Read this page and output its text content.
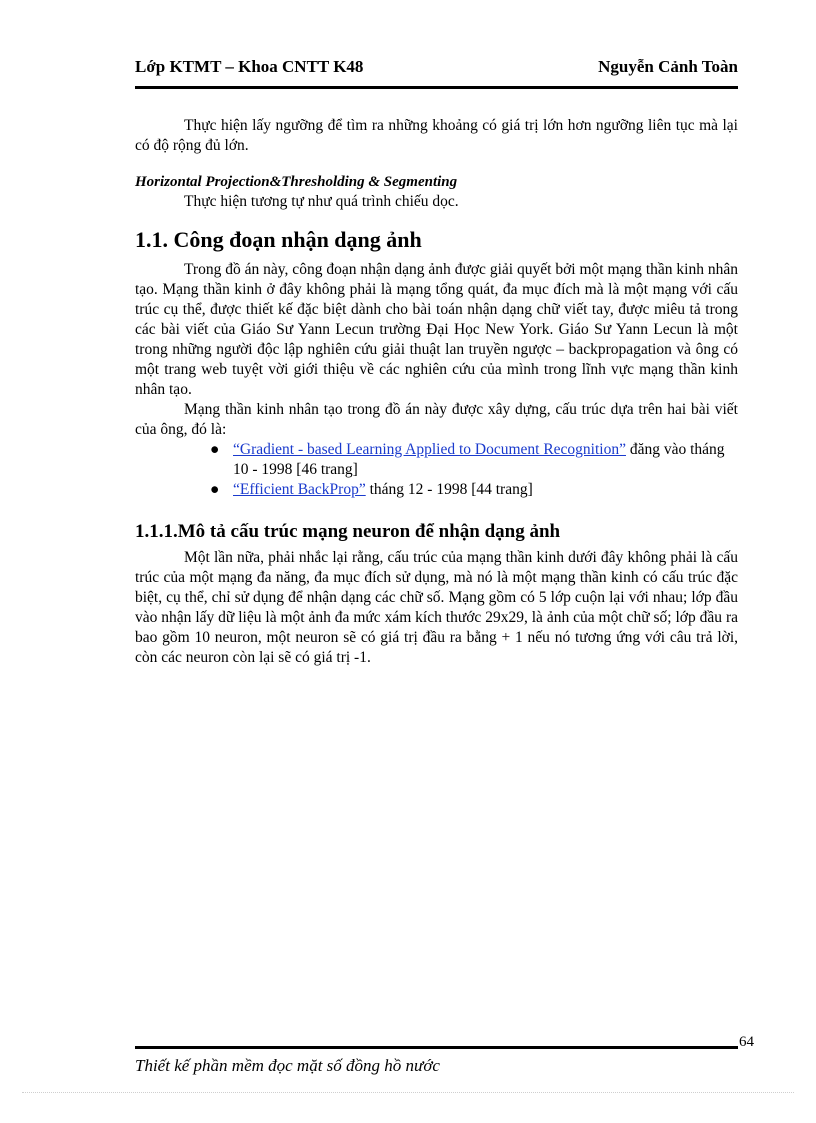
Lớp KTMT – Khoa CNTT K48	Nguyễn Cảnh Toàn

Thực hiện lấy ngưỡng để tìm ra những khoảng có giá trị lớn hơn ngưỡng liên tục mà lại có độ rộng đủ lớn.

Horizontal Projection&Thresholding & Segmenting

Thực hiện tương tự như quá trình chiếu dọc.

1.1. Công đoạn nhận dạng ảnh

Trong đồ án này, công đoạn nhận dạng ảnh được giải quyết bởi một mạng thần kinh nhân tạo. Mạng thần kinh ở đây không phải là mạng tổng quát, đa mục đích mà là một mạng với cấu trúc cụ thể, được thiết kế đặc biệt dành cho bài toán nhận dạng chữ viết tay, được miêu tả trong các bài viết của Giáo Sư Yann Lecun trường Đại Học New York. Giáo Sư Yann Lecun là một trong những người độc lập nghiên cứu giải thuật lan truyền ngược – backpropagation và ông có một trang web tuyệt vời giới thiệu về các nghiên cứu của mình trong lĩnh vực mạng thần kinh nhân tạo.

Mạng thần kinh nhân tạo trong đồ án này được xây dựng, cấu trúc dựa trên hai bài viết của ông, đó là:

● “Gradient - based Learning Applied to Document Recognition” đăng vào tháng 10 - 1998 [46 trang]
● “Efficient BackProp” tháng 12 - 1998 [44 trang]
1.1.1.Mô tả cấu trúc mạng neuron để nhận dạng ảnh

Một lần nữa, phải nhắc lại rằng, cấu trúc của mạng thần kinh dưới đây không phải là cấu trúc của một mạng đa năng, đa mục đích sử dụng, mà nó là một mạng thần kinh có cấu trúc đặc biệt, cụ thể, chỉ sử dụng để nhận dạng các chữ số. Mạng gồm có 5 lớp cuộn lại với nhau; lớp đầu vào nhận lấy dữ liệu là một ảnh đa mức xám kích thước 29x29, là ảnh của một chữ số; lớp đầu ra bao gồm 10 neuron, một neuron sẽ có giá trị đầu ra bằng + 1 nếu nó tương ứng với câu trả lời, còn các neuron còn lại sẽ có giá trị -1.

64
Thiết kế phần mềm đọc mặt số đồng hồ nước
